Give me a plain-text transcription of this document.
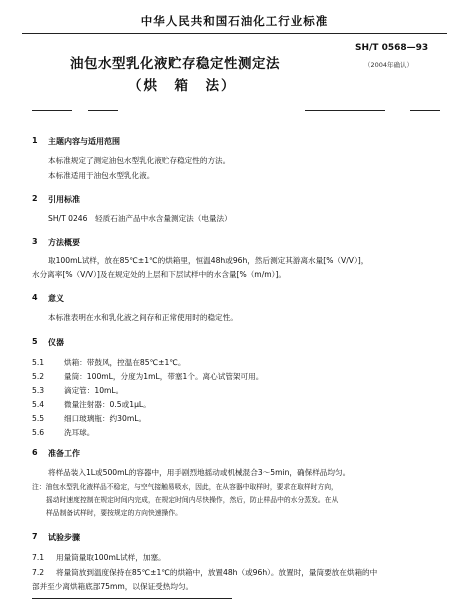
中华人民共和国石油化工行业标准
油包水型乳化液贮存稳定性测定法
（烘　箱　法）
SH/T 0568—93
（2004年确认）
1 主题内容与适用范围
本标准规定了测定油包水型乳化液贮存稳定性的方法。
本标准适用于油包水型乳化液。
2 引用标准
SH/T 0246　轻质石油产品中水含量测定法（电量法）
3 方法概要
取100mL试样，放在85℃±1℃的烘箱里，恒温48h或96h，然后测定其游离水量[%（V/V）]，
水分离率[%（V/V）]及在规定处的上层和下层试样中的水含量[%（m/m）]。
4 意义
本标准表明在水和乳化液之间存和正常使用时的稳定性。
5 仪器
5.1	烘箱：带鼓风，控温在85℃±1℃。
5.2	量筒：100mL，分度为1mL，带塞1个。离心试管架可用。
5.3	滴定管：10mL。
5.4	微量注射器：0.5或1μL。
5.5	细口玻璃瓶：约30mL。
5.6	洗耳球。
6 准备工作
将样品装入1L或500mL的容器中，用手剧烈地摇动或机械混合3～5min，确保样品均匀。
注：油包水型乳化液样品不稳定，与空气接触易吸水，因此，在从容器中取样时，要求在取样时方向，
摇动时速度控制在规定时间内完成，在规定时间内尽快操作，然后，防止样品中的水分蒸发。在从
样品制备试样时，要按规定的方向快速操作。
7 试验步骤
7.1 用量筒量取100mL试样，加塞。
7.2 将量筒放到温度保持在85℃±1℃的烘箱中，放置48h（或96h）。放置时，量筒要放在烘箱的中
部并至少离烘箱底部75mm，以保证受热均匀。
